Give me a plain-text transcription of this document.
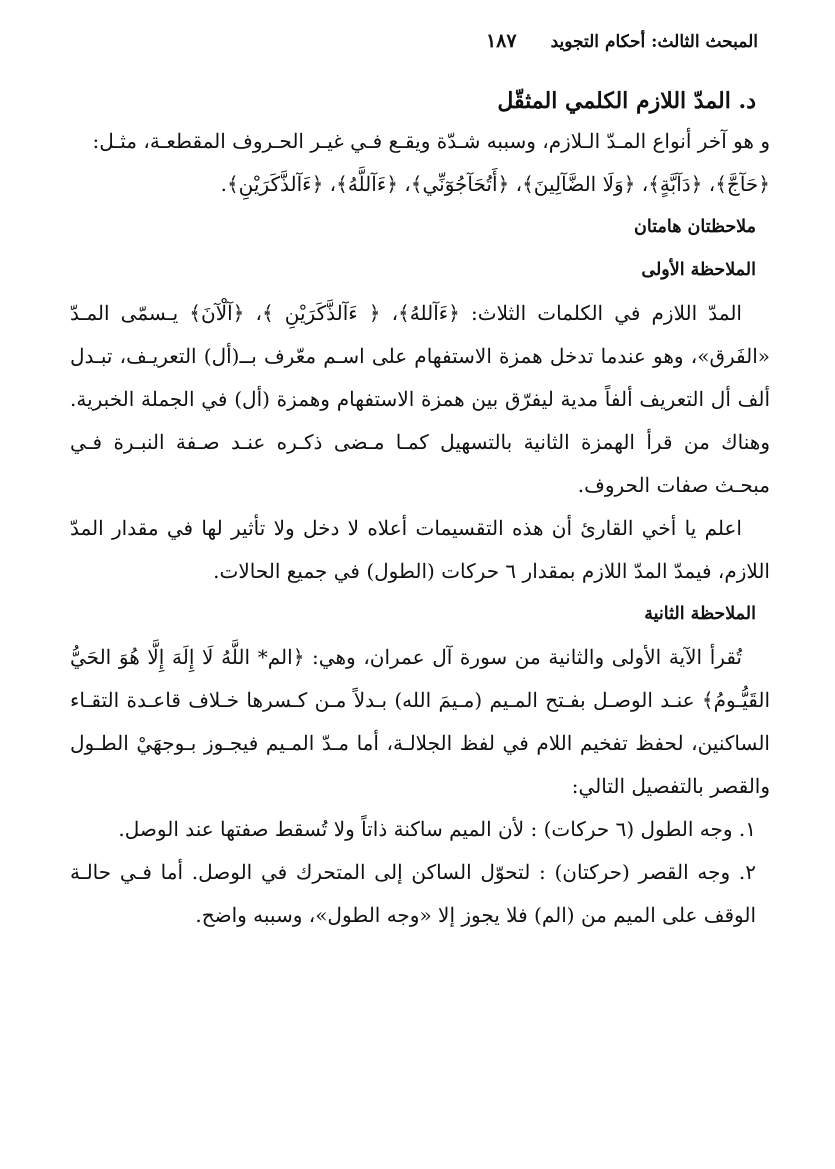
المبحث الثالث: أحكام التجويد
١٨٧
د. المدّ اللازم الكلمي المثقّل

و هو آخر أنواع المـدّ الـلازم، وسببه شـدّة ويقـع فـي غيـر الحـروف المقطعـة، مثـل:

﴿حَآجَّ﴾، ﴿دَآبَّةٍ﴾، ﴿وَلَا الضَّآلِينَ﴾، ﴿أَتُحَآجُوٓنِّي﴾، ﴿ءَآللَّهُ﴾، ﴿ءَآلذَّكَرَيْنِ﴾.

ملاحظتان هامتان
الملاحظة الأولى

المدّ اللازم في الكلمات الثلاث: ﴿ءَآللهُ﴾، ﴿ ءَآلذَّكَرَيْنِ ﴾، ﴿آلْآنَ﴾ يـسمّى المـدّ «الفَرق»، وهو عندما تدخل همزة الاستفهام على اسـم معّرف بــ(أل) التعريـف، تبـدل ألف أل التعريف ألفاً مدية ليفرّق بين همزة الاستفهام وهمزة (أل) في الجملة الخبرية. وهناك من قرأ الهمزة الثانية بالتسهيل كمـا مـضى ذكـره عنـد صـفة النبـرة فـي مبحـث صفات الحروف.

اعلم يا أخي القارئ أن هذه التقسيمات أعلاه لا دخل ولا تأثير لها في مقدار المدّ اللازم، فيمدّ المدّ اللازم بمقدار ٦ حركات (الطول) في جميع الحالات.

الملاحظة الثانية

تُقرأ الآية الأولى والثانية من سورة آل عمران، وهي: ﴿الم* اللَّهُ لَا إِلَهَ إِلَّا هُوَ الحَيُّ القَيُّـومُ﴾ عنـد الوصـل بفـتح المـيم (مـيمَ الله) بـدلاً مـن كـسرها خـلاف قاعـدة التقـاء الساكنين، لحفظ تفخيم اللام في لفظ الجلالـة، أما مـدّ المـيم فيجـوز بـوجهَيْ الطـول والقصر بالتفصيل التالي:

١. وجه الطول (٦ حركات) : لأن الميم ساكنة ذاتاً ولا تُسقط صفتها عند الوصل.

٢. وجه القصر (حركتان) : لتحوّل الساكن إلى المتحرك في الوصل. أما فـي حالـة الوقف على الميم من (الم) فلا يجوز إلا «وجه الطول»، وسببه واضح.
